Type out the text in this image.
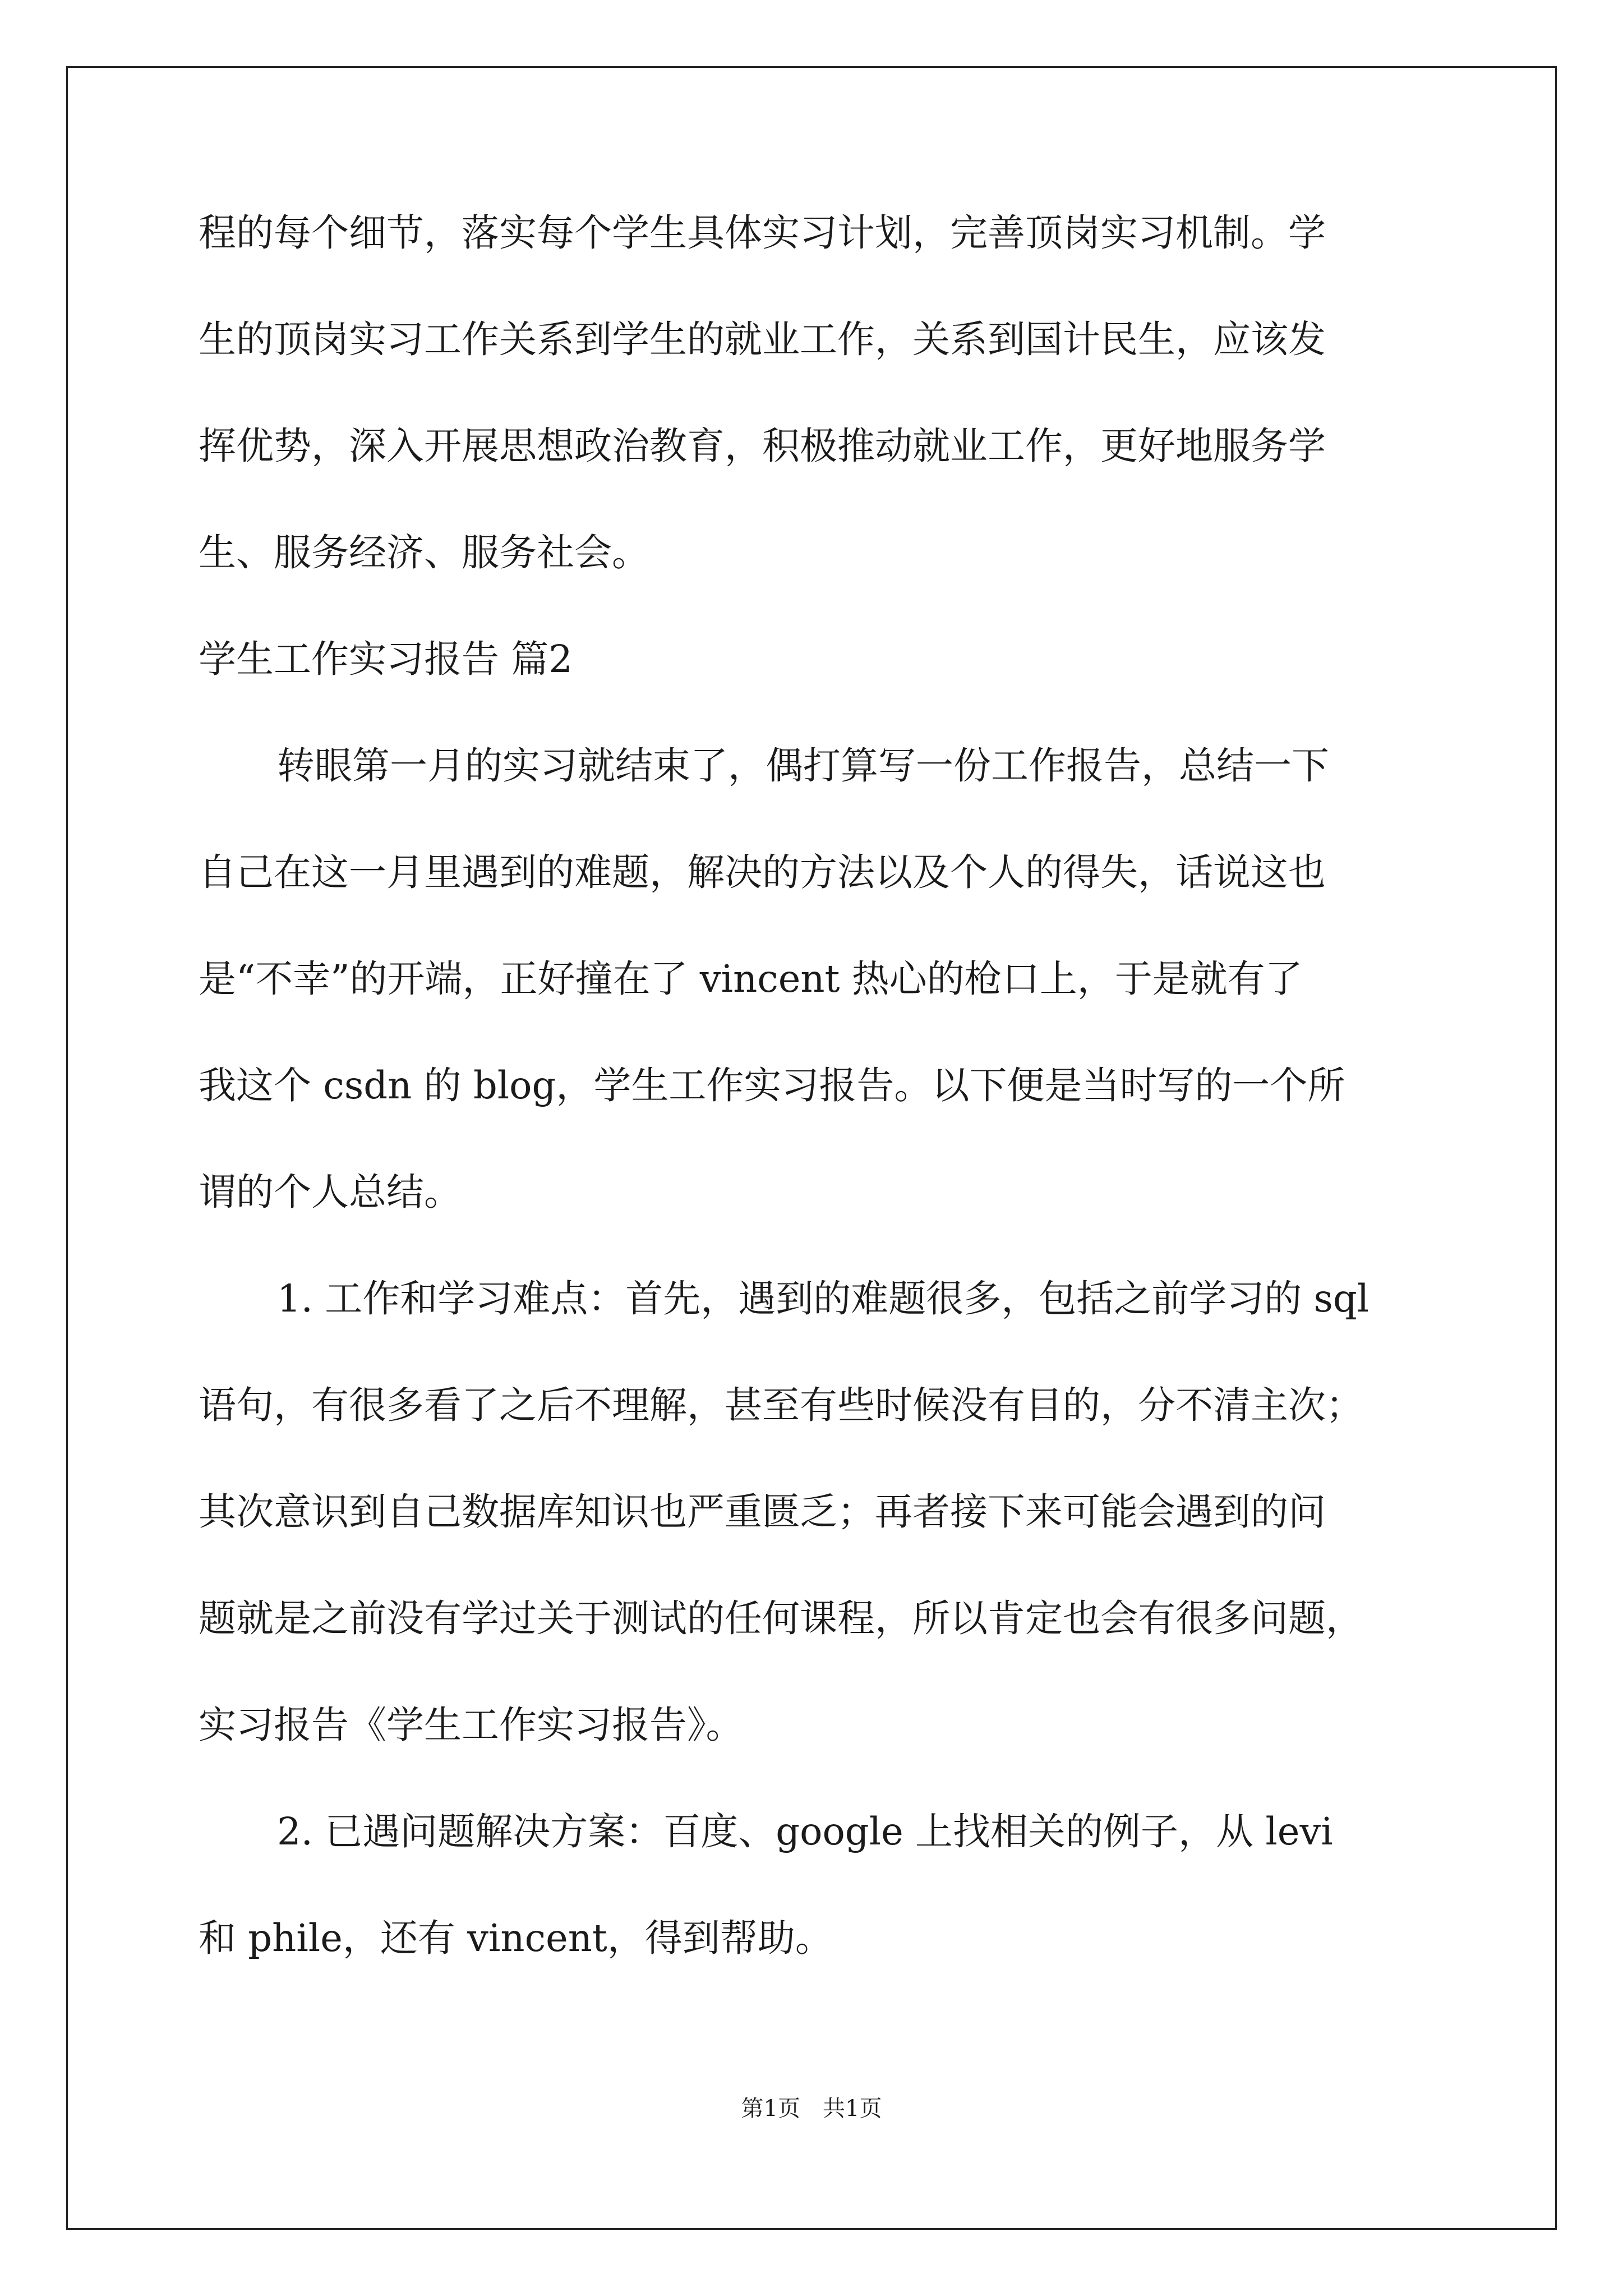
程的每个细节，落实每个学生具体实习计划，完善顶岗实习机制。学
生的顶岗实习工作关系到学生的就业工作，关系到国计民生，应该发
挥优势，深入开展思想政治教育，积极推动就业工作，更好地服务学
生、服务经济、服务社会。
学生工作实习报告 篇2
转眼第一月的实习就结束了，偶打算写一份工作报告，总结一下
自己在这一月里遇到的难题，解决的方法以及个人的得失，话说这也
是“不幸”的开端，正好撞在了 vincent 热心的枪口上，于是就有了
我这个 csdn 的 blog，学生工作实习报告。以下便是当时写的一个所
谓的个人总结。
1. 工作和学习难点：首先，遇到的难题很多，包括之前学习的 sql
语句，有很多看了之后不理解，甚至有些时候没有目的，分不清主次；
其次意识到自己数据库知识也严重匮乏；再者接下来可能会遇到的问
题就是之前没有学过关于测试的任何课程，所以肯定也会有很多问题，
实习报告《学生工作实习报告》。
2. 已遇问题解决方案：百度、google 上找相关的例子，从 levi
和 phile，还有 vincent，得到帮助。
第1页　共1页
